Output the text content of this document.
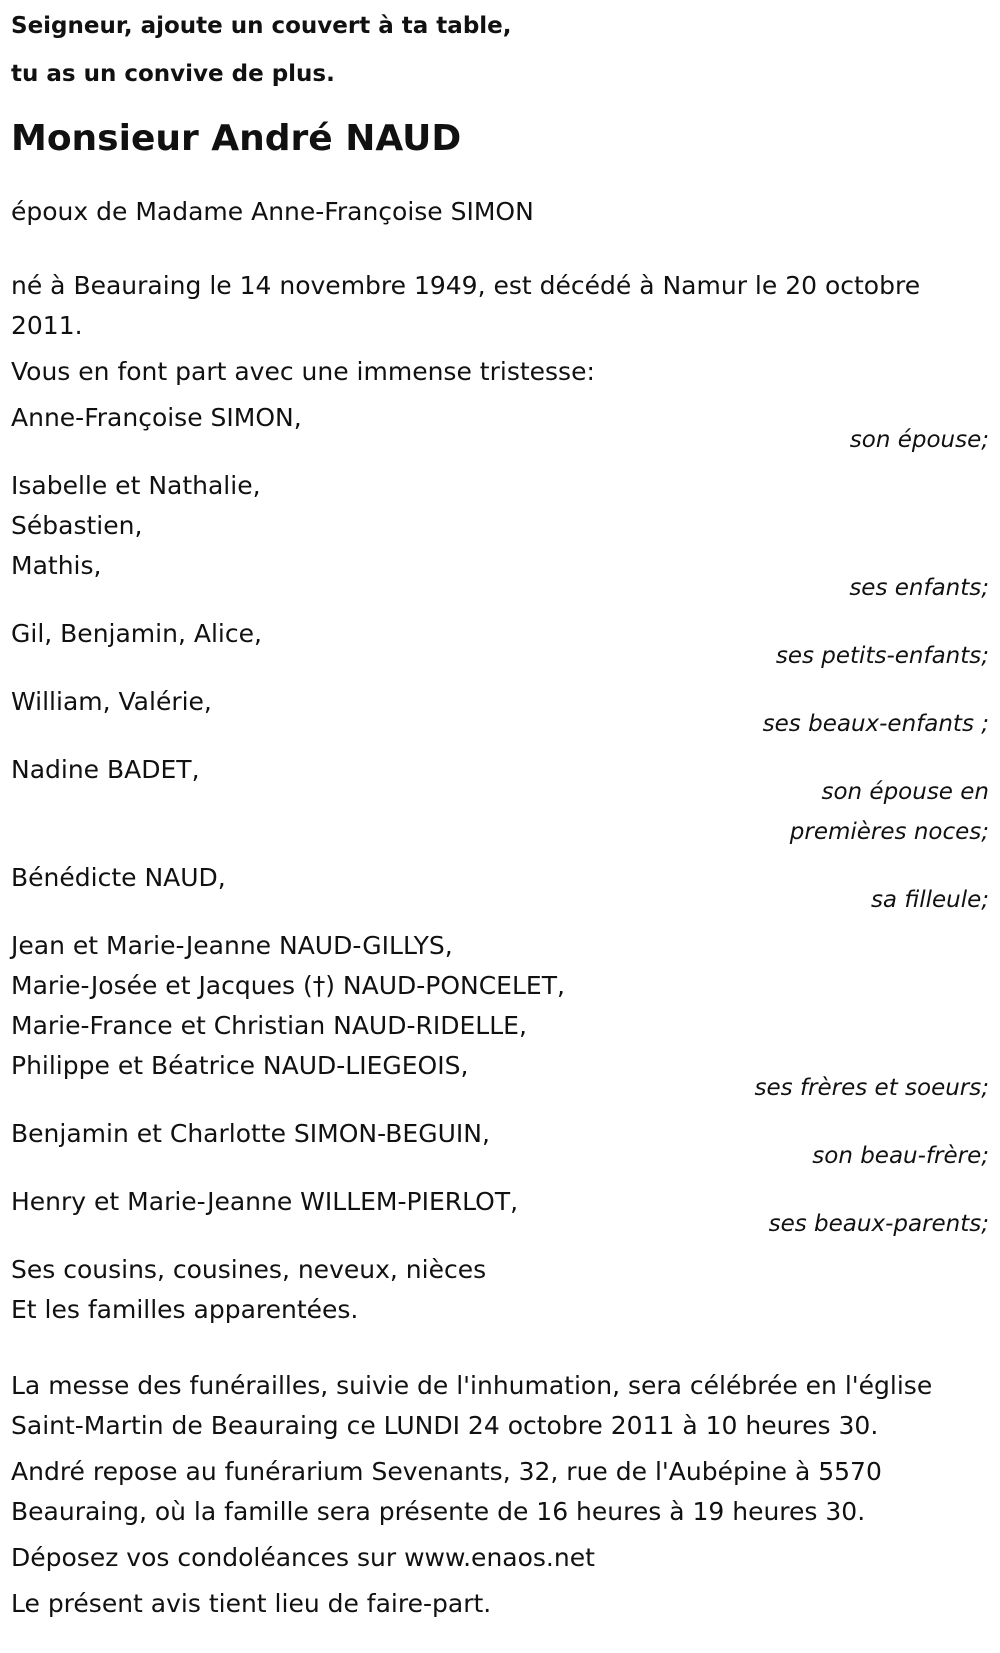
Seigneur, ajoute un couvert à ta table,
tu as un convive de plus.
Monsieur André NAUD
époux de Madame Anne-Françoise SIMON
né à Beauraing le 14 novembre 1949, est décédé à Namur le 20 octobre 2011.
Vous en font part avec une immense tristesse:
Anne-Françoise SIMON,
son épouse;
Isabelle et Nathalie,
Sébastien,
Mathis,
ses enfants;
Gil, Benjamin, Alice,
ses petits-enfants;
William, Valérie,
ses beaux-enfants ;
Nadine BADET,
son épouse en
premières noces;
Bénédicte NAUD,
sa filleule;
Jean et Marie-Jeanne NAUD-GILLYS,
Marie-Josée et Jacques (†) NAUD-PONCELET,
Marie-France et Christian NAUD-RIDELLE,
Philippe et Béatrice NAUD-LIEGEOIS,
ses frères et soeurs;
Benjamin et Charlotte SIMON-BEGUIN,
son beau-frère;
Henry et Marie-Jeanne WILLEM-PIERLOT,
ses beaux-parents;
Ses cousins, cousines, neveux, nièces
Et les familles apparentées.
La messe des funérailles, suivie de l'inhumation, sera célébrée en l'église Saint-Martin de Beauraing ce LUNDI 24 octobre 2011 à 10 heures 30.
André repose au funérarium Sevenants, 32, rue de l'Aubépine à 5570 Beauraing, où la famille sera présente de 16 heures à 19 heures 30.
Déposez vos condoléances sur www.enaos.net
Le présent avis tient lieu de faire-part.
